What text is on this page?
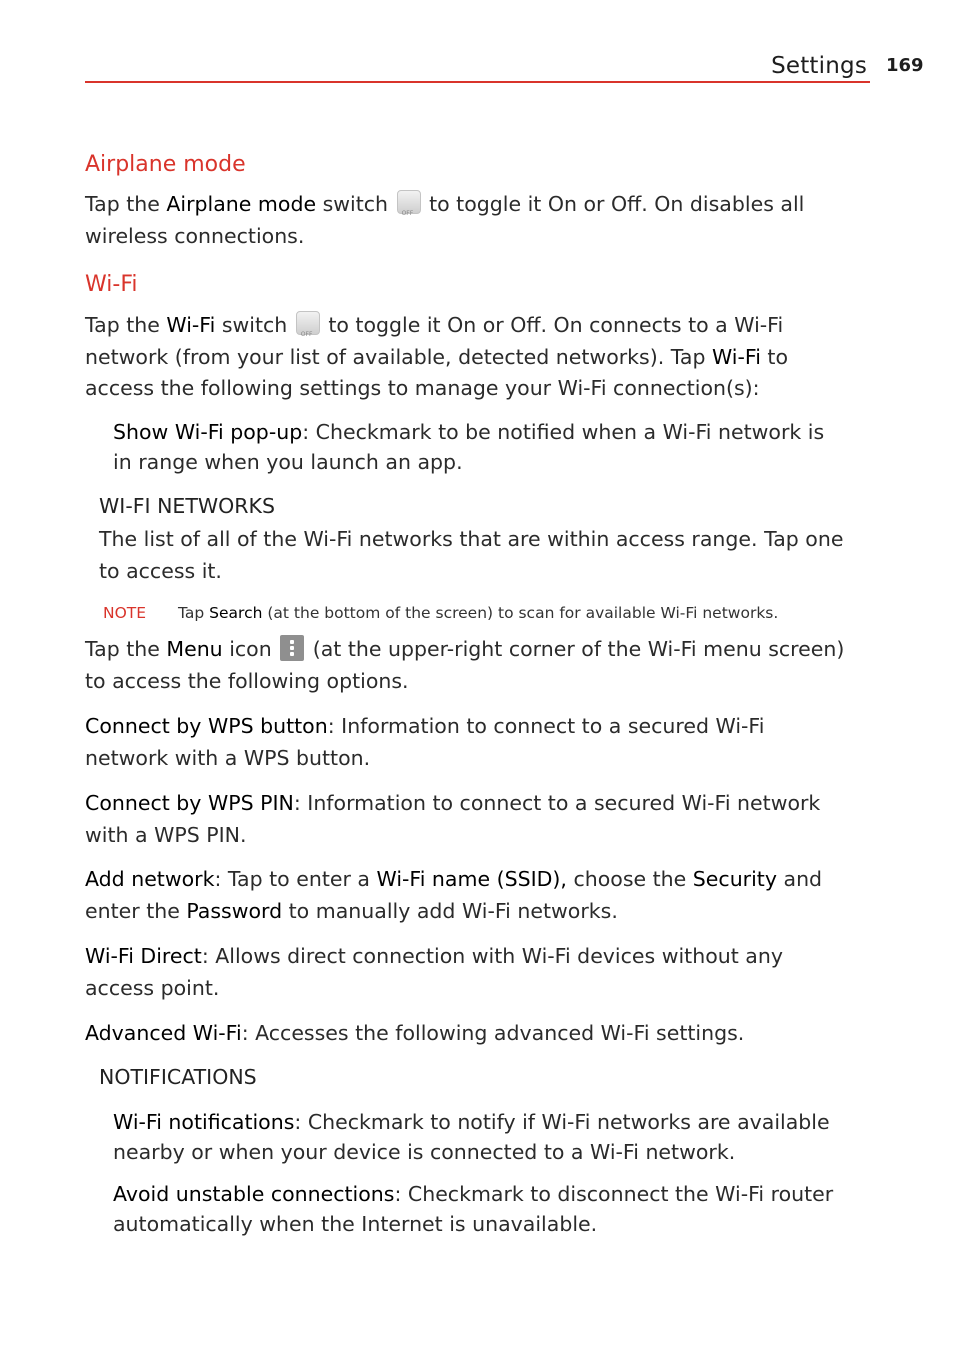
Settings 169
Airplane mode
Tap the Airplane mode switch OFF to toggle it On or Off. On disables all
wireless connections.
Wi-Fi
Tap the Wi-Fi switch OFF to toggle it On or Off. On connects to a Wi-Fi
network (from your list of available, detected networks). Tap Wi-Fi to
access the following settings to manage your Wi-Fi connection(s):
Show Wi-Fi pop-up: Checkmark to be notified when a Wi-Fi network is
in range when you launch an app.
WI-FI NETWORKS
The list of all of the Wi-Fi networks that are within access range. Tap one
to access it.
NOTE Tap Search (at the bottom of the screen) to scan for available Wi-Fi networks.
Tap the Menu icon
(at the upper-right corner of the Wi-Fi menu screen)
to access the following options.
Connect by WPS button: Information to connect to a secured Wi-Fi
network with a WPS button.
Connect by WPS PIN: Information to connect to a secured Wi-Fi network
with a WPS PIN.
Add network: Tap to enter a Wi-Fi name (SSID), choose the Security and
enter the Password to manually add Wi-Fi networks.
Wi-Fi Direct: Allows direct connection with Wi-Fi devices without any
access point.
Advanced Wi-Fi: Accesses the following advanced Wi-Fi settings.
NOTIFICATIONS
Wi-Fi notifications: Checkmark to notify if Wi-Fi networks are available
nearby or when your device is connected to a Wi-Fi network.
Avoid unstable connections: Checkmark to disconnect the Wi-Fi router
automatically when the Internet is unavailable.
